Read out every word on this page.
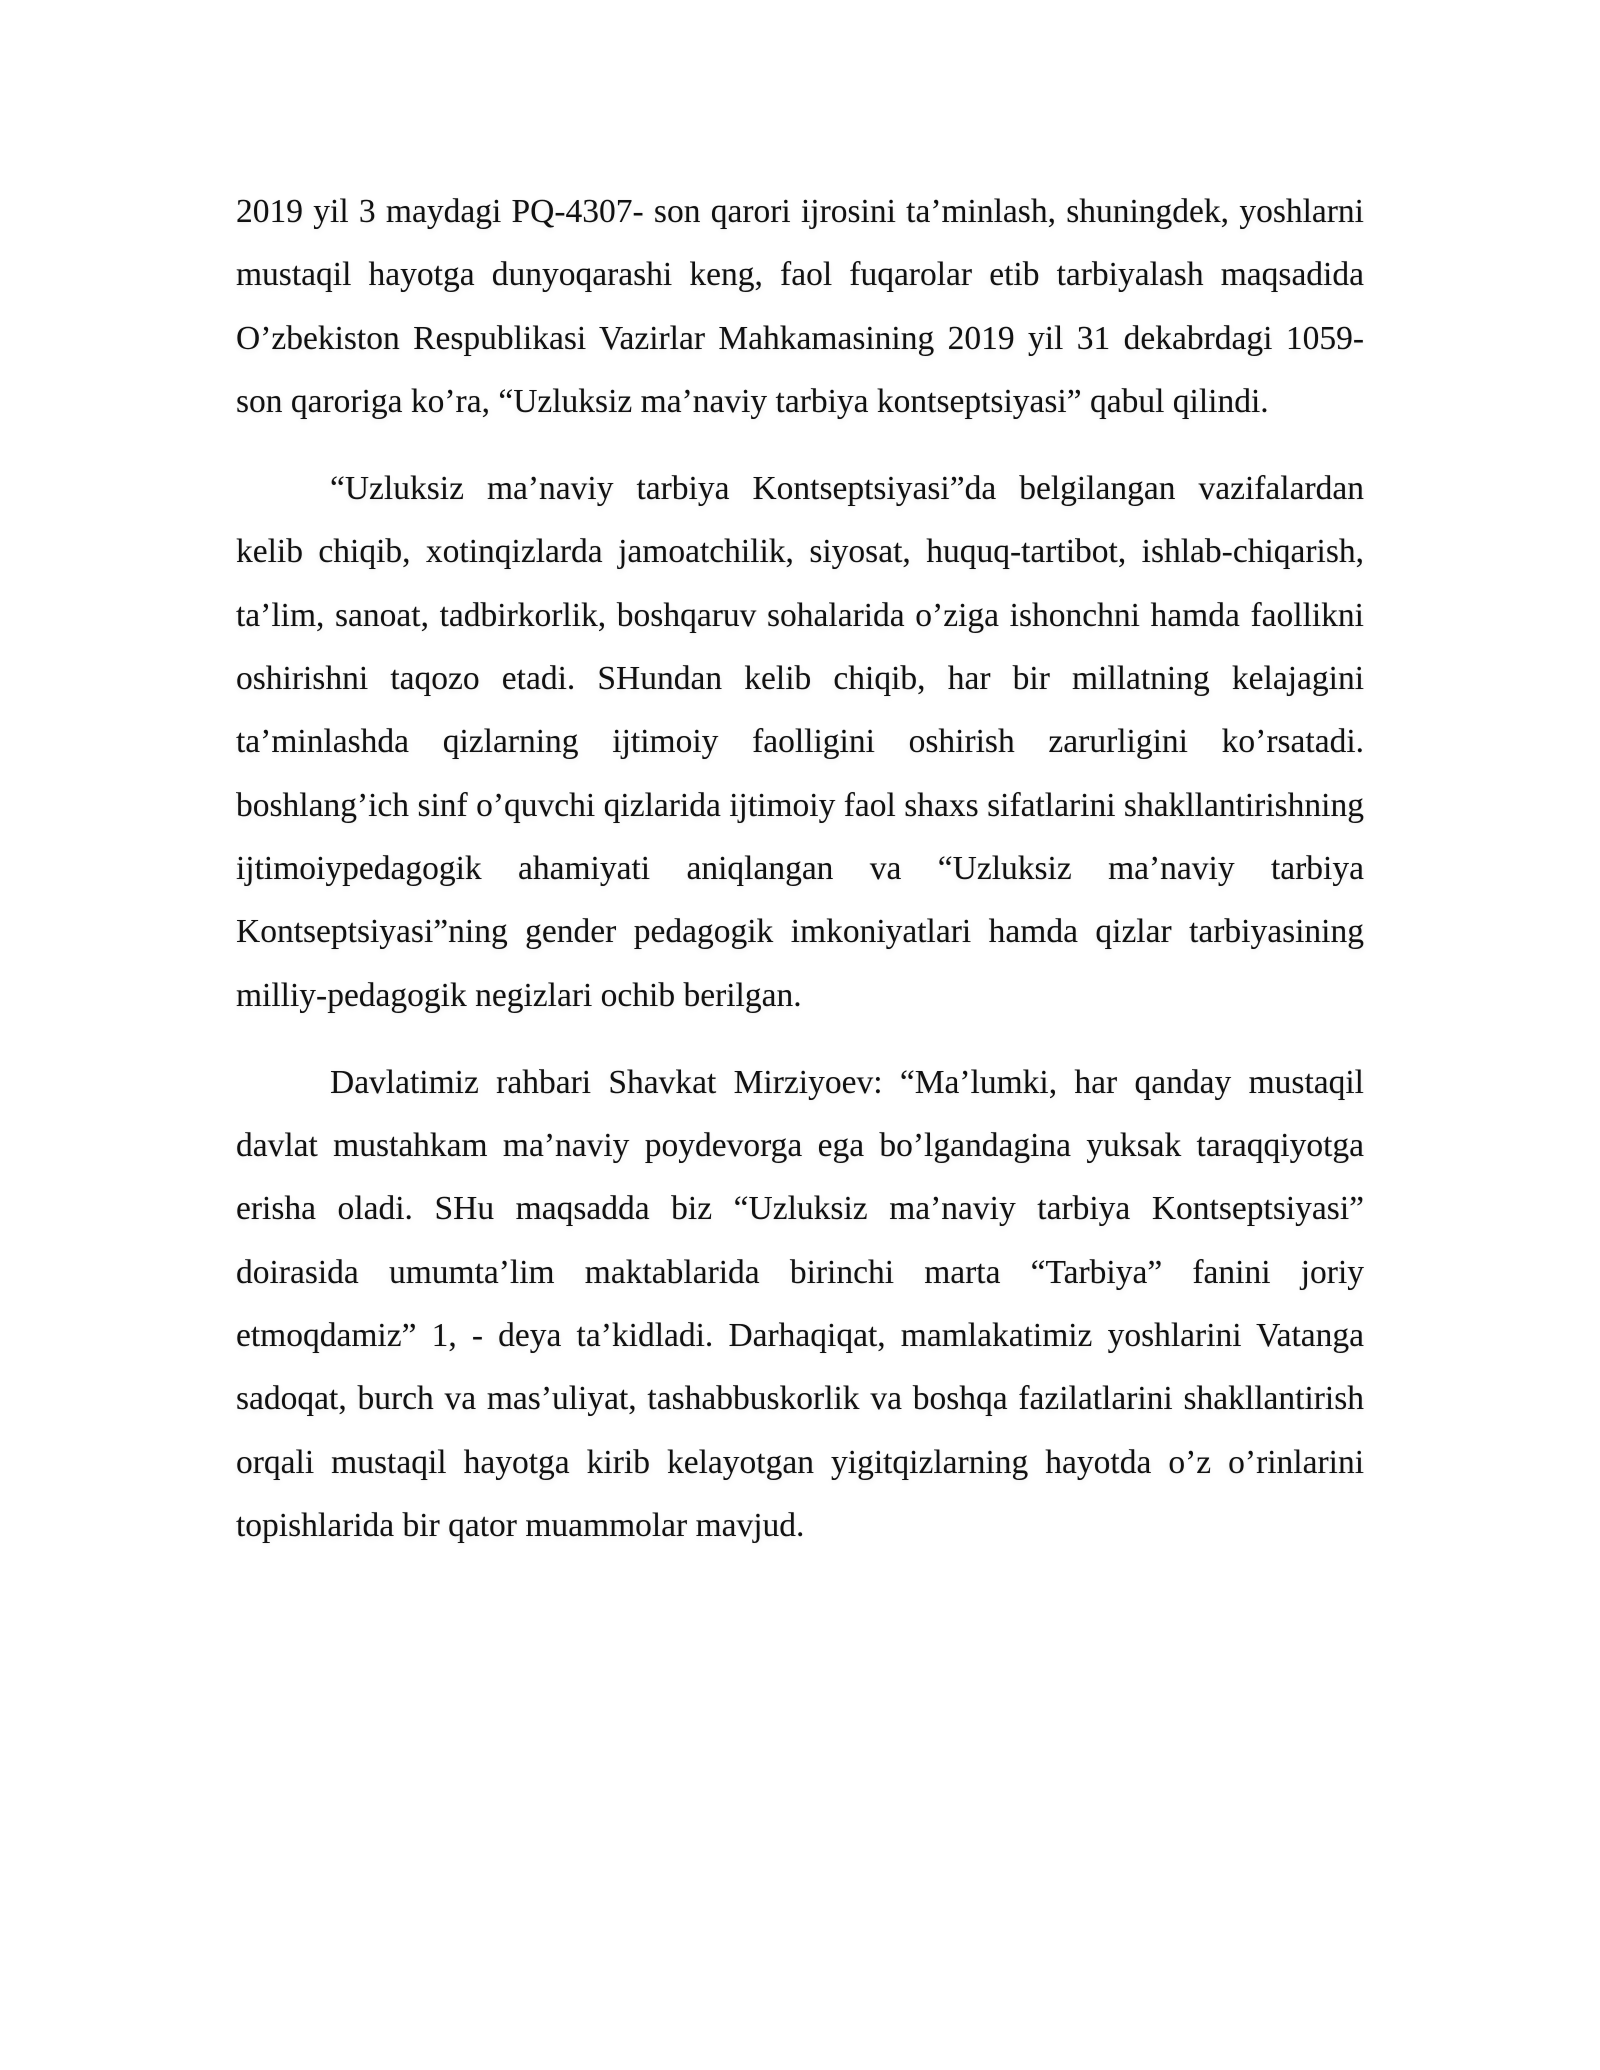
2019 yil 3 maydagi PQ-4307- son qarori ijrosini ta’minlash, shuningdek, yoshlarni mustaqil hayotga dunyoqarashi keng, faol fuqarolar etib tarbiyalash maqsadida O’zbekiston Respublikasi Vazirlar Mahkamasining 2019 yil 31 dekabrdagi 1059-son qaroriga ko’ra, “Uzluksiz ma’naviy tarbiya kontseptsiyasi” qabul qilindi.

“Uzluksiz ma’naviy tarbiya Kontseptsiyasi”da belgilangan vazifalardan kelib chiqib, xotinqizlarda jamoatchilik, siyosat, huquq-tartibot, ishlab-chiqarish, ta’lim, sanoat, tadbirkorlik, boshqaruv sohalarida o’ziga ishonchni hamda faollikni oshirishni taqozo etadi. SHundan kelib chiqib, har bir millatning kelajagini ta’minlashda qizlarning ijtimoiy faolligini oshirish zarurligini ko’rsatadi. boshlang’ich sinf o’quvchi qizlarida ijtimoiy faol shaxs sifatlarini shakllantirishning ijtimoiypedagogik ahamiyati aniqlangan va “Uzluksiz ma’naviy tarbiya Kontseptsiyasi”ning gender pedagogik imkoniyatlari hamda qizlar tarbiyasining milliy-pedagogik negizlari ochib berilgan.

Davlatimiz rahbari Shavkat Mirziyoev: “Ma’lumki, har qanday mustaqil davlat mustahkam ma’naviy poydevorga ega bo’lgandagina yuksak taraqqiyotga erisha oladi. SHu maqsadda biz “Uzluksiz ma’naviy tarbiya Kontseptsiyasi” doirasida umumta’lim maktablarida birinchi marta “Tarbiya” fanini joriy etmoqdamiz” 1, - deya ta’kidladi. Darhaqiqat, mamlakatimiz yoshlarini Vatanga sadoqat, burch va mas’uliyat, tashabbuskorlik va boshqa fazilatlarini shakllantirish orqali mustaqil hayotga kirib kelayotgan yigitqizlarning hayotda o’z o’rinlarini topishlarida bir qator muammolar mavjud.
